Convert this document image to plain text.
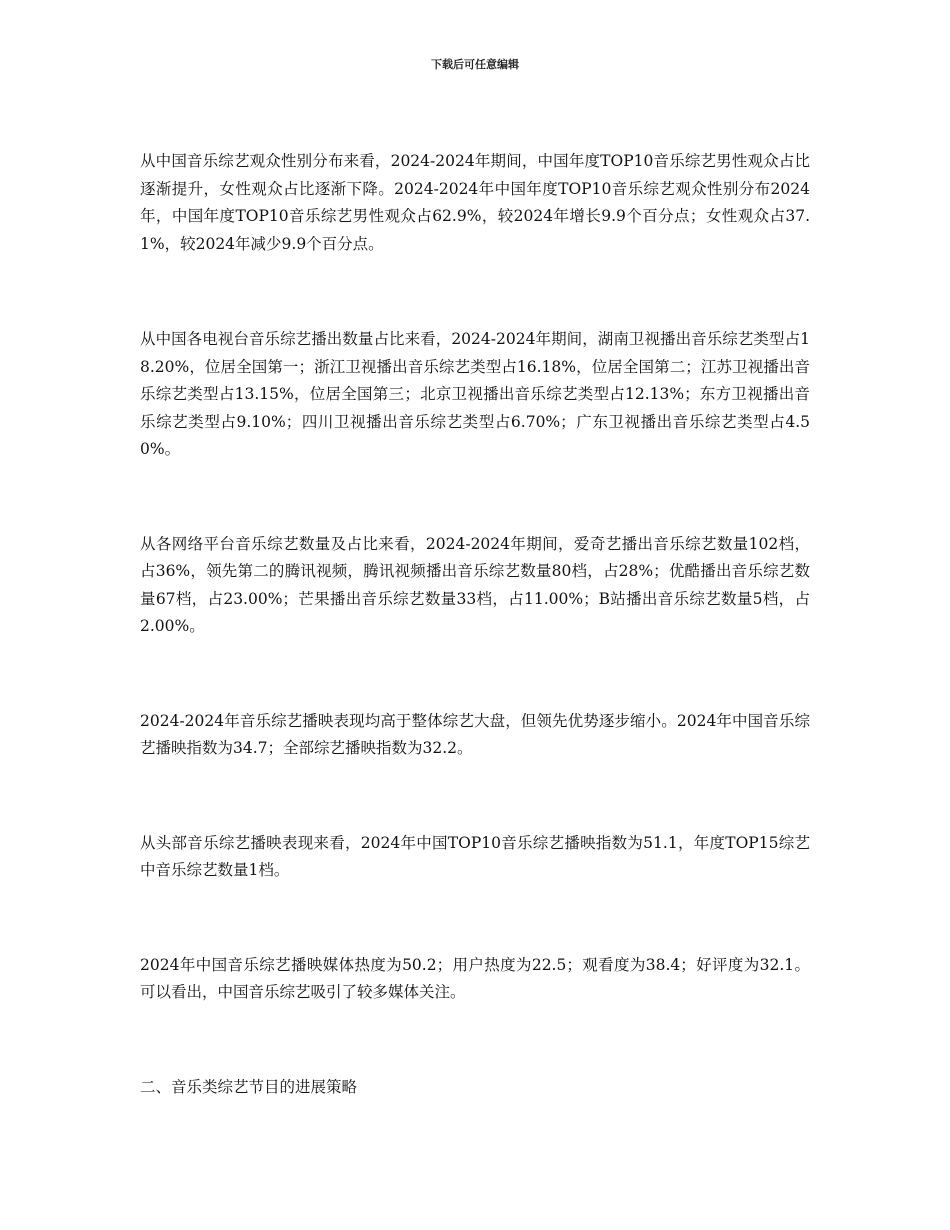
下载后可任意编辑

从中国音乐综艺观众性别分布来看，2024-2024年期间，中国年度TOP10音乐综艺男性观众占比逐渐提升，女性观众占比逐渐下降。2024-2024年中国年度TOP10音乐综艺观众性别分布2024年，中国年度TOP10音乐综艺男性观众占62.9%，较2024年增长9.9个百分点；女性观众占37.1%，较2024年减少9.9个百分点。

从中国各电视台音乐综艺播出数量占比来看，2024-2024年期间，湖南卫视播出音乐综艺类型占18.20%，位居全国第一；浙江卫视播出音乐综艺类型占16.18%，位居全国第二；江苏卫视播出音乐综艺类型占13.15%，位居全国第三；北京卫视播出音乐综艺类型占12.13%；东方卫视播出音乐综艺类型占9.10%；四川卫视播出音乐综艺类型占6.70%；广东卫视播出音乐综艺类型占4.50%。

从各网络平台音乐综艺数量及占比来看，2024-2024年期间，爱奇艺播出音乐综艺数量102档，占36%，领先第二的腾讯视频，腾讯视频播出音乐综艺数量80档，占28%；优酷播出音乐综艺数量67档，占23.00%；芒果播出音乐综艺数量33档，占11.00%；B站播出音乐综艺数量5档，占2.00%。

2024-2024年音乐综艺播映表现均高于整体综艺大盘，但领先优势逐步缩小。2024年中国音乐综艺播映指数为34.7；全部综艺播映指数为32.2。

从头部音乐综艺播映表现来看，2024年中国TOP10音乐综艺播映指数为51.1，年度TOP15综艺中音乐综艺数量1档。

2024年中国音乐综艺播映媒体热度为50.2；用户热度为22.5；观看度为38.4；好评度为32.1。可以看出，中国音乐综艺吸引了较多媒体关注。

二、音乐类综艺节目的进展策略
